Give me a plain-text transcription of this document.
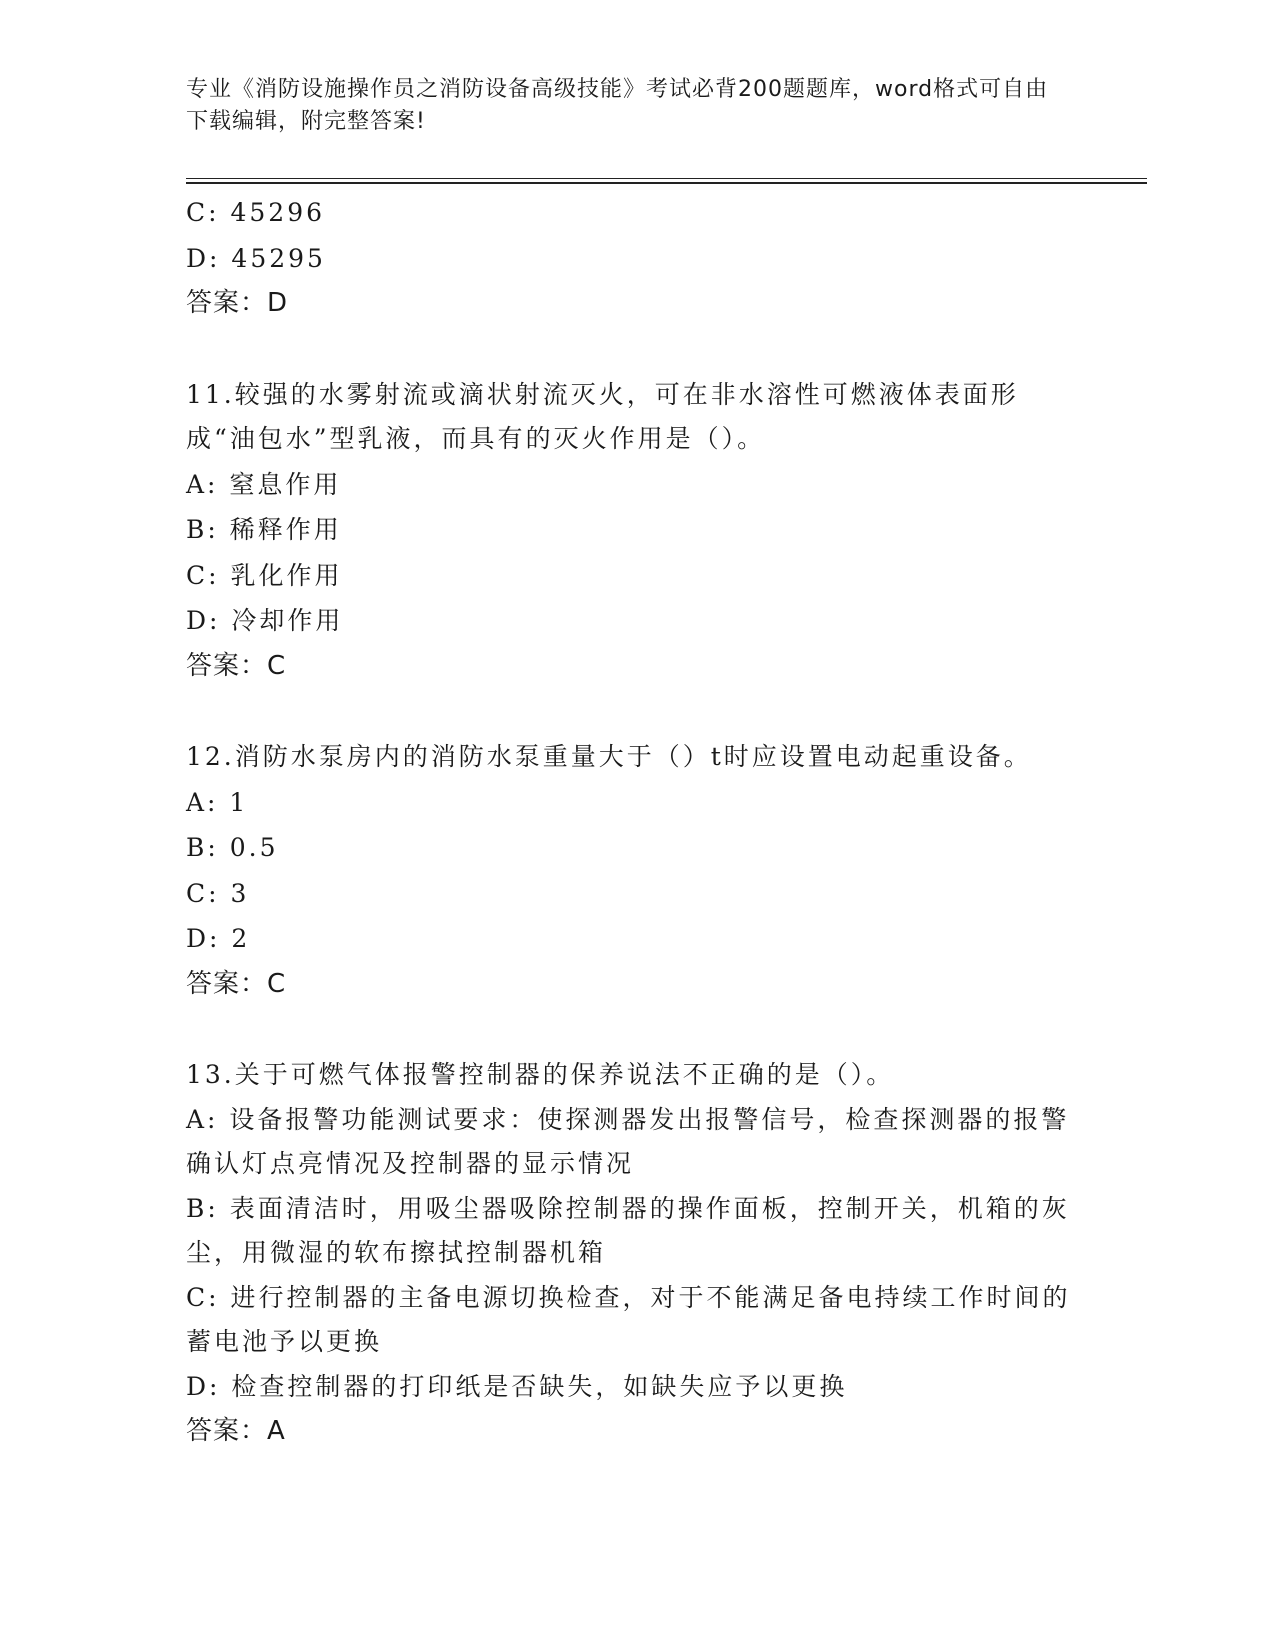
专业《消防设施操作员之消防设备高级技能》考试必背200题题库，word格式可自由下载编辑，附完整答案!
C: 45296
D: 45295
答案：D
11.较强的水雾射流或滴状射流灭火，可在非水溶性可燃液体表面形成“油包水”型乳液，而具有的灭火作用是（）。
A: 窒息作用
B: 稀释作用
C: 乳化作用
D: 冷却作用
答案：C
12.消防水泵房内的消防水泵重量大于（）t时应设置电动起重设备。
A: 1
B: 0.5
C: 3
D: 2
答案：C
13.关于可燃气体报警控制器的保养说法不正确的是（）。
A: 设备报警功能测试要求：使探测器发出报警信号，检查探测器的报警确认灯点亮情况及控制器的显示情况
B: 表面清洁时，用吸尘器吸除控制器的操作面板，控制开关，机箱的灰尘，用微湿的软布擦拭控制器机箱
C: 进行控制器的主备电源切换检查，对于不能满足备电持续工作时间的蓄电池予以更换
D: 检查控制器的打印纸是否缺失，如缺失应予以更换
答案：A
